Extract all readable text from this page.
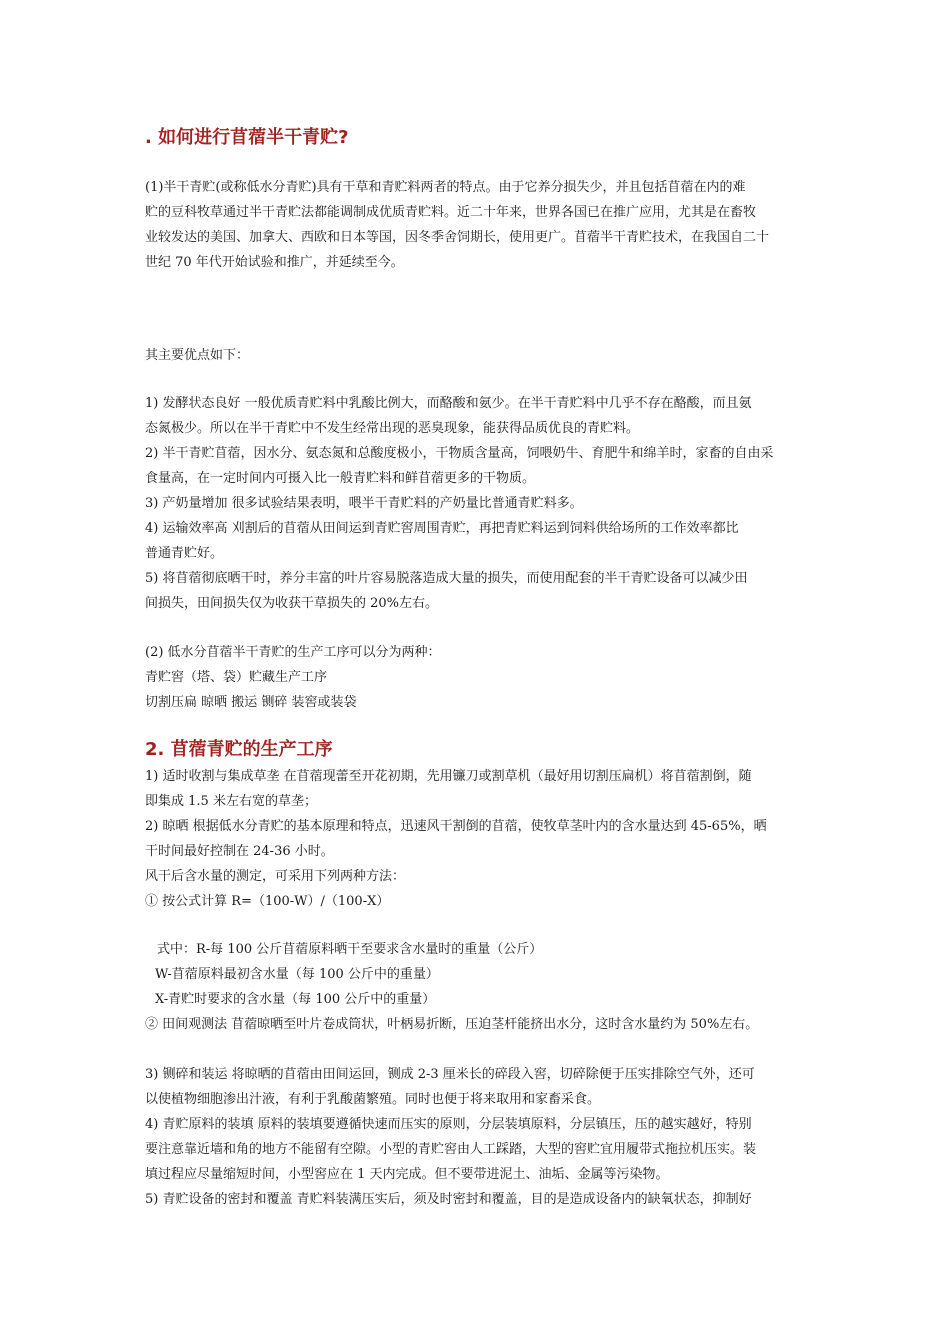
. 如何进行苜蓿半干青贮?

(1)半干青贮(或称低水分青贮)具有干草和青贮料两者的特点。由于它养分损失少，并且包括苜蓿在内的难

贮的豆科牧草通过半干青贮法都能调制成优质青贮料。近二十年来，世界各国已在推广应用，尤其是在畜牧

业较发达的美国、加拿大、西欧和日本等国，因冬季舍饲期长，使用更广。苜蓿半干青贮技术，在我国自二十

世纪 70 年代开始试验和推广，并延续至今。

其主要优点如下：

1) 发酵状态良好 一般优质青贮料中乳酸比例大，而酪酸和氨少。在半干青贮料中几乎不存在酪酸，而且氨

态氮极少。所以在半干青贮中不发生经常出现的恶臭现象，能获得品质优良的青贮料。

2) 半干青贮苜蓿，因水分、氨态氮和总酸度极小，干物质含量高，饲喂奶牛、育肥牛和绵羊时，家畜的自由采

食量高，在一定时间内可摄入比一般青贮料和鲜苜蓿更多的干物质。

3) 产奶量增加 很多试验结果表明，喂半干青贮料的产奶量比普通青贮料多。

4) 运输效率高 刈割后的苜蓿从田间运到青贮窖周围青贮，再把青贮料运到饲料供给场所的工作效率都比

普通青贮好。

5) 将苜蓿彻底晒干时，养分丰富的叶片容易脱落造成大量的损失，而使用配套的半干青贮设备可以减少田

间损失，田间损失仅为收获干草损失的 20%左右。

(2) 低水分苜蓿半干青贮的生产工序可以分为两种：

青贮窖（塔、袋）贮藏生产工序

切割压扁 晾晒 搬运 铡碎 装窖或装袋

2. 苜蓿青贮的生产工序

1) 适时收割与集成草垄 在苜蓿现蕾至开花初期，先用镰刀或割草机（最好用切割压扁机）将苜蓿割倒，随

即集成 1.5 米左右宽的草垄；

2) 晾晒 根据低水分青贮的基本原理和特点，迅速风干割倒的苜蓿，使牧草茎叶内的含水量达到 45-65%，晒

干时间最好控制在 24-36 小时。

风干后含水量的测定，可采用下列两种方法：

① 按公式计算 R=（100-W）/（100-X）

式中：R-每 100 公斤苜蓿原料晒干至要求含水量时的重量（公斤）

W-苜蓿原料最初含水量（每 100 公斤中的重量）

X-青贮时要求的含水量（每 100 公斤中的重量）

② 田间观测法 苜蓿晾晒至叶片卷成筒状，叶柄易折断，压迫茎杆能挤出水分，这时含水量约为 50%左右。

3) 铡碎和装运 将晾晒的苜蓿由田间运回，铡成 2-3 厘米长的碎段入窖，切碎除便于压实排除空气外，还可

以使植物细胞渗出汁液，有利于乳酸菌繁殖。同时也便于将来取用和家畜采食。

4) 青贮原料的装填 原料的装填要遵循快速而压实的原则，分层装填原料，分层镇压，压的越实越好，特别

要注意靠近墙和角的地方不能留有空隙。小型的青贮窖由人工踩踏，大型的窖贮宜用履带式拖拉机压实。装

填过程应尽量缩短时间，小型窖应在 1 天内完成。但不要带进泥土、油垢、金属等污染物。

5) 青贮设备的密封和覆盖 青贮料装满压实后，须及时密封和覆盖，目的是造成设备内的缺氧状态，抑制好
